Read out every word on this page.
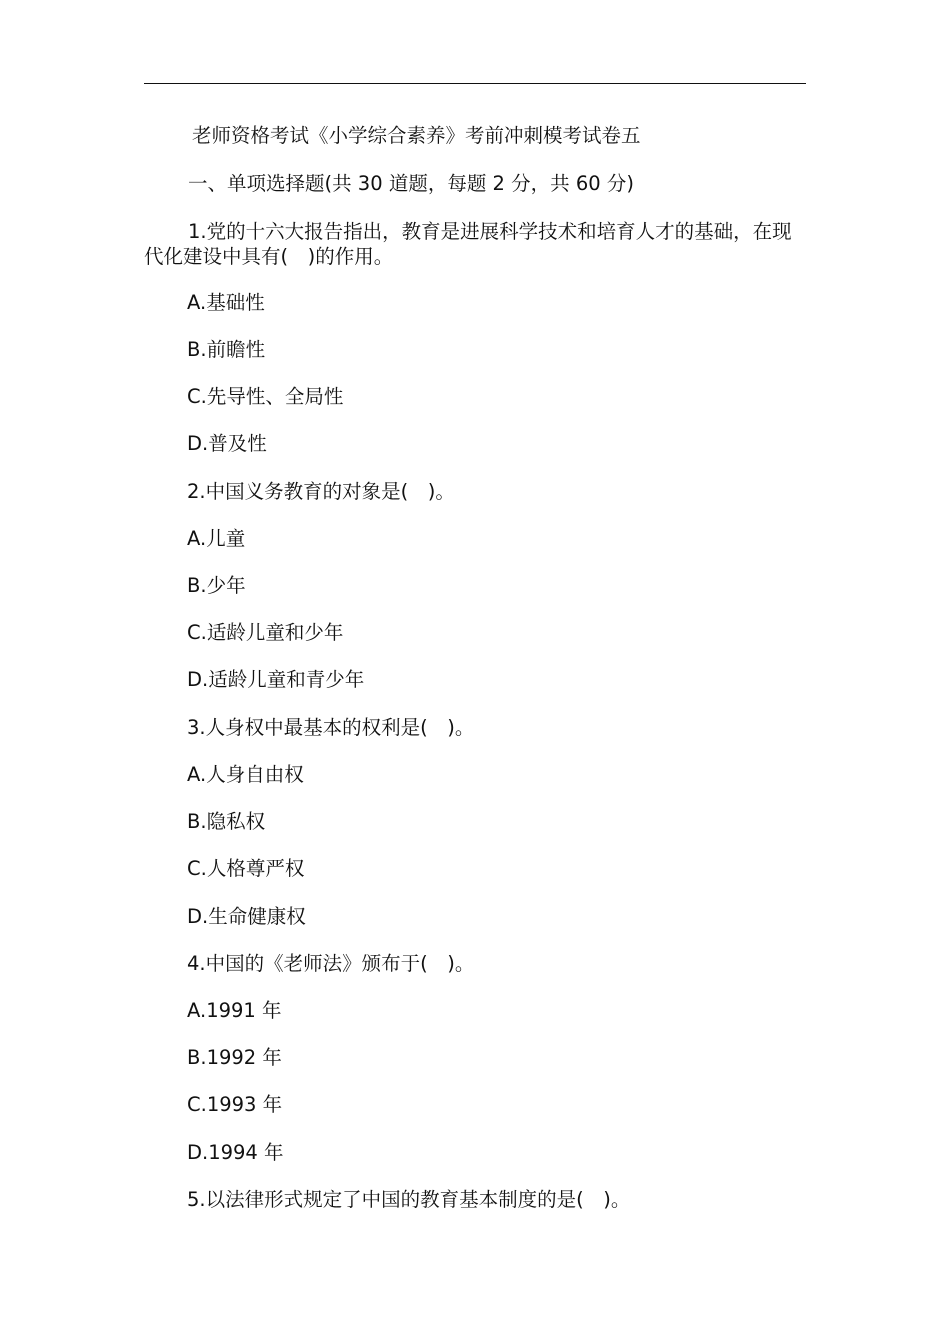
老师资格考试《小学综合素养》考前冲刺模考试卷五
一、单项选择题(共 30 道题，每题 2 分，共 60 分)
1.党的十六大报告指出，教育是进展科学技术和培育人才的基础，在现代化建设中具有(　)的作用。
A.基础性
B.前瞻性
C.先导性、全局性
D.普及性
2.中国义务教育的对象是(　)。
A.儿童
B.少年
C.适龄儿童和少年
D.适龄儿童和青少年
3.人身权中最基本的权利是(　)。
A.人身自由权
B.隐私权
C.人格尊严权
D.生命健康权
4.中国的《老师法》颁布于(　)。
A.1991 年
B.1992 年
C.1993 年
D.1994 年
5.以法律形式规定了中国的教育基本制度的是(　)。
